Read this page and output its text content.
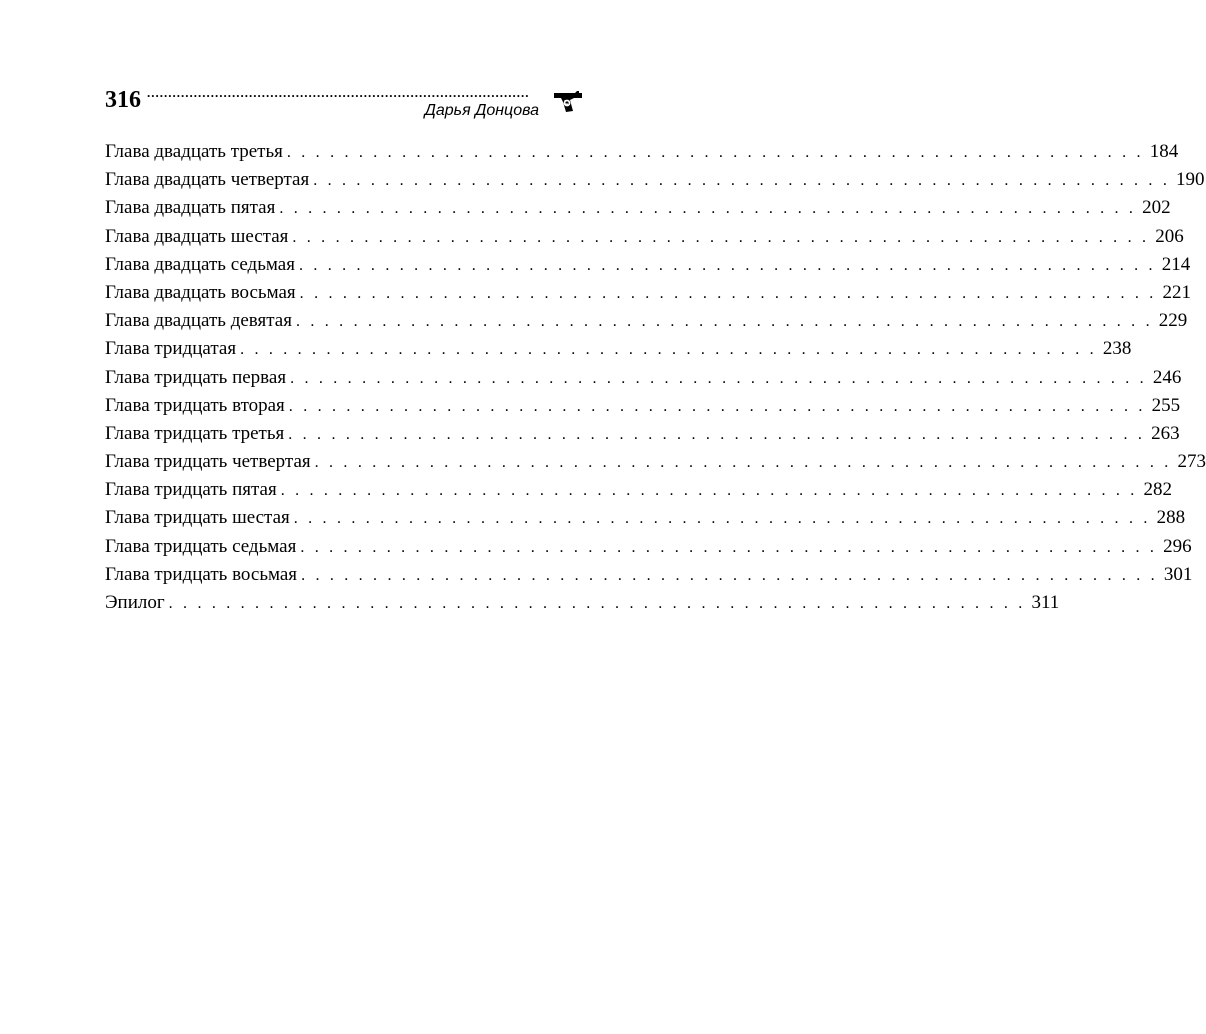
316 ..........................................................................................
Дарья Донцова
Глава двадцать третья . . . . . . . . . . . . . . . . . . . . . . . . . . . . . . . . . . . . . . . . . . . . . . . . . . . . . . . . . . . . 184
Глава двадцать четвертая . . . . . . . . . . . . . . . . . . . . . . . . . . . . . . . . . . . . . . . . . . . . . . . . . . . . . . . . . . . . 190
Глава двадцать пятая . . . . . . . . . . . . . . . . . . . . . . . . . . . . . . . . . . . . . . . . . . . . . . . . . . . . . . . . . . . . 202
Глава двадцать шестая . . . . . . . . . . . . . . . . . . . . . . . . . . . . . . . . . . . . . . . . . . . . . . . . . . . . . . . . . . . . 206
Глава двадцать седьмая . . . . . . . . . . . . . . . . . . . . . . . . . . . . . . . . . . . . . . . . . . . . . . . . . . . . . . . . . . . . 214
Глава двадцать восьмая . . . . . . . . . . . . . . . . . . . . . . . . . . . . . . . . . . . . . . . . . . . . . . . . . . . . . . . . . . . . 221
Глава двадцать девятая . . . . . . . . . . . . . . . . . . . . . . . . . . . . . . . . . . . . . . . . . . . . . . . . . . . . . . . . . . . . 229
Глава тридцатая . . . . . . . . . . . . . . . . . . . . . . . . . . . . . . . . . . . . . . . . . . . . . . . . . . . . . . . . . . . . 238
Глава тридцать первая . . . . . . . . . . . . . . . . . . . . . . . . . . . . . . . . . . . . . . . . . . . . . . . . . . . . . . . . . . . . 246
Глава тридцать вторая . . . . . . . . . . . . . . . . . . . . . . . . . . . . . . . . . . . . . . . . . . . . . . . . . . . . . . . . . . . . 255
Глава тридцать третья . . . . . . . . . . . . . . . . . . . . . . . . . . . . . . . . . . . . . . . . . . . . . . . . . . . . . . . . . . . . 263
Глава тридцать четвертая . . . . . . . . . . . . . . . . . . . . . . . . . . . . . . . . . . . . . . . . . . . . . . . . . . . . . . . . . . . . 273
Глава тридцать пятая . . . . . . . . . . . . . . . . . . . . . . . . . . . . . . . . . . . . . . . . . . . . . . . . . . . . . . . . . . . . 282
Глава тридцать шестая . . . . . . . . . . . . . . . . . . . . . . . . . . . . . . . . . . . . . . . . . . . . . . . . . . . . . . . . . . . . 288
Глава тридцать седьмая . . . . . . . . . . . . . . . . . . . . . . . . . . . . . . . . . . . . . . . . . . . . . . . . . . . . . . . . . . . . 296
Глава тридцать восьмая . . . . . . . . . . . . . . . . . . . . . . . . . . . . . . . . . . . . . . . . . . . . . . . . . . . . . . . . . . . . 301
Эпилог . . . . . . . . . . . . . . . . . . . . . . . . . . . . . . . . . . . . . . . . . . . . . . . . . . . . . . . . . . . . 311
